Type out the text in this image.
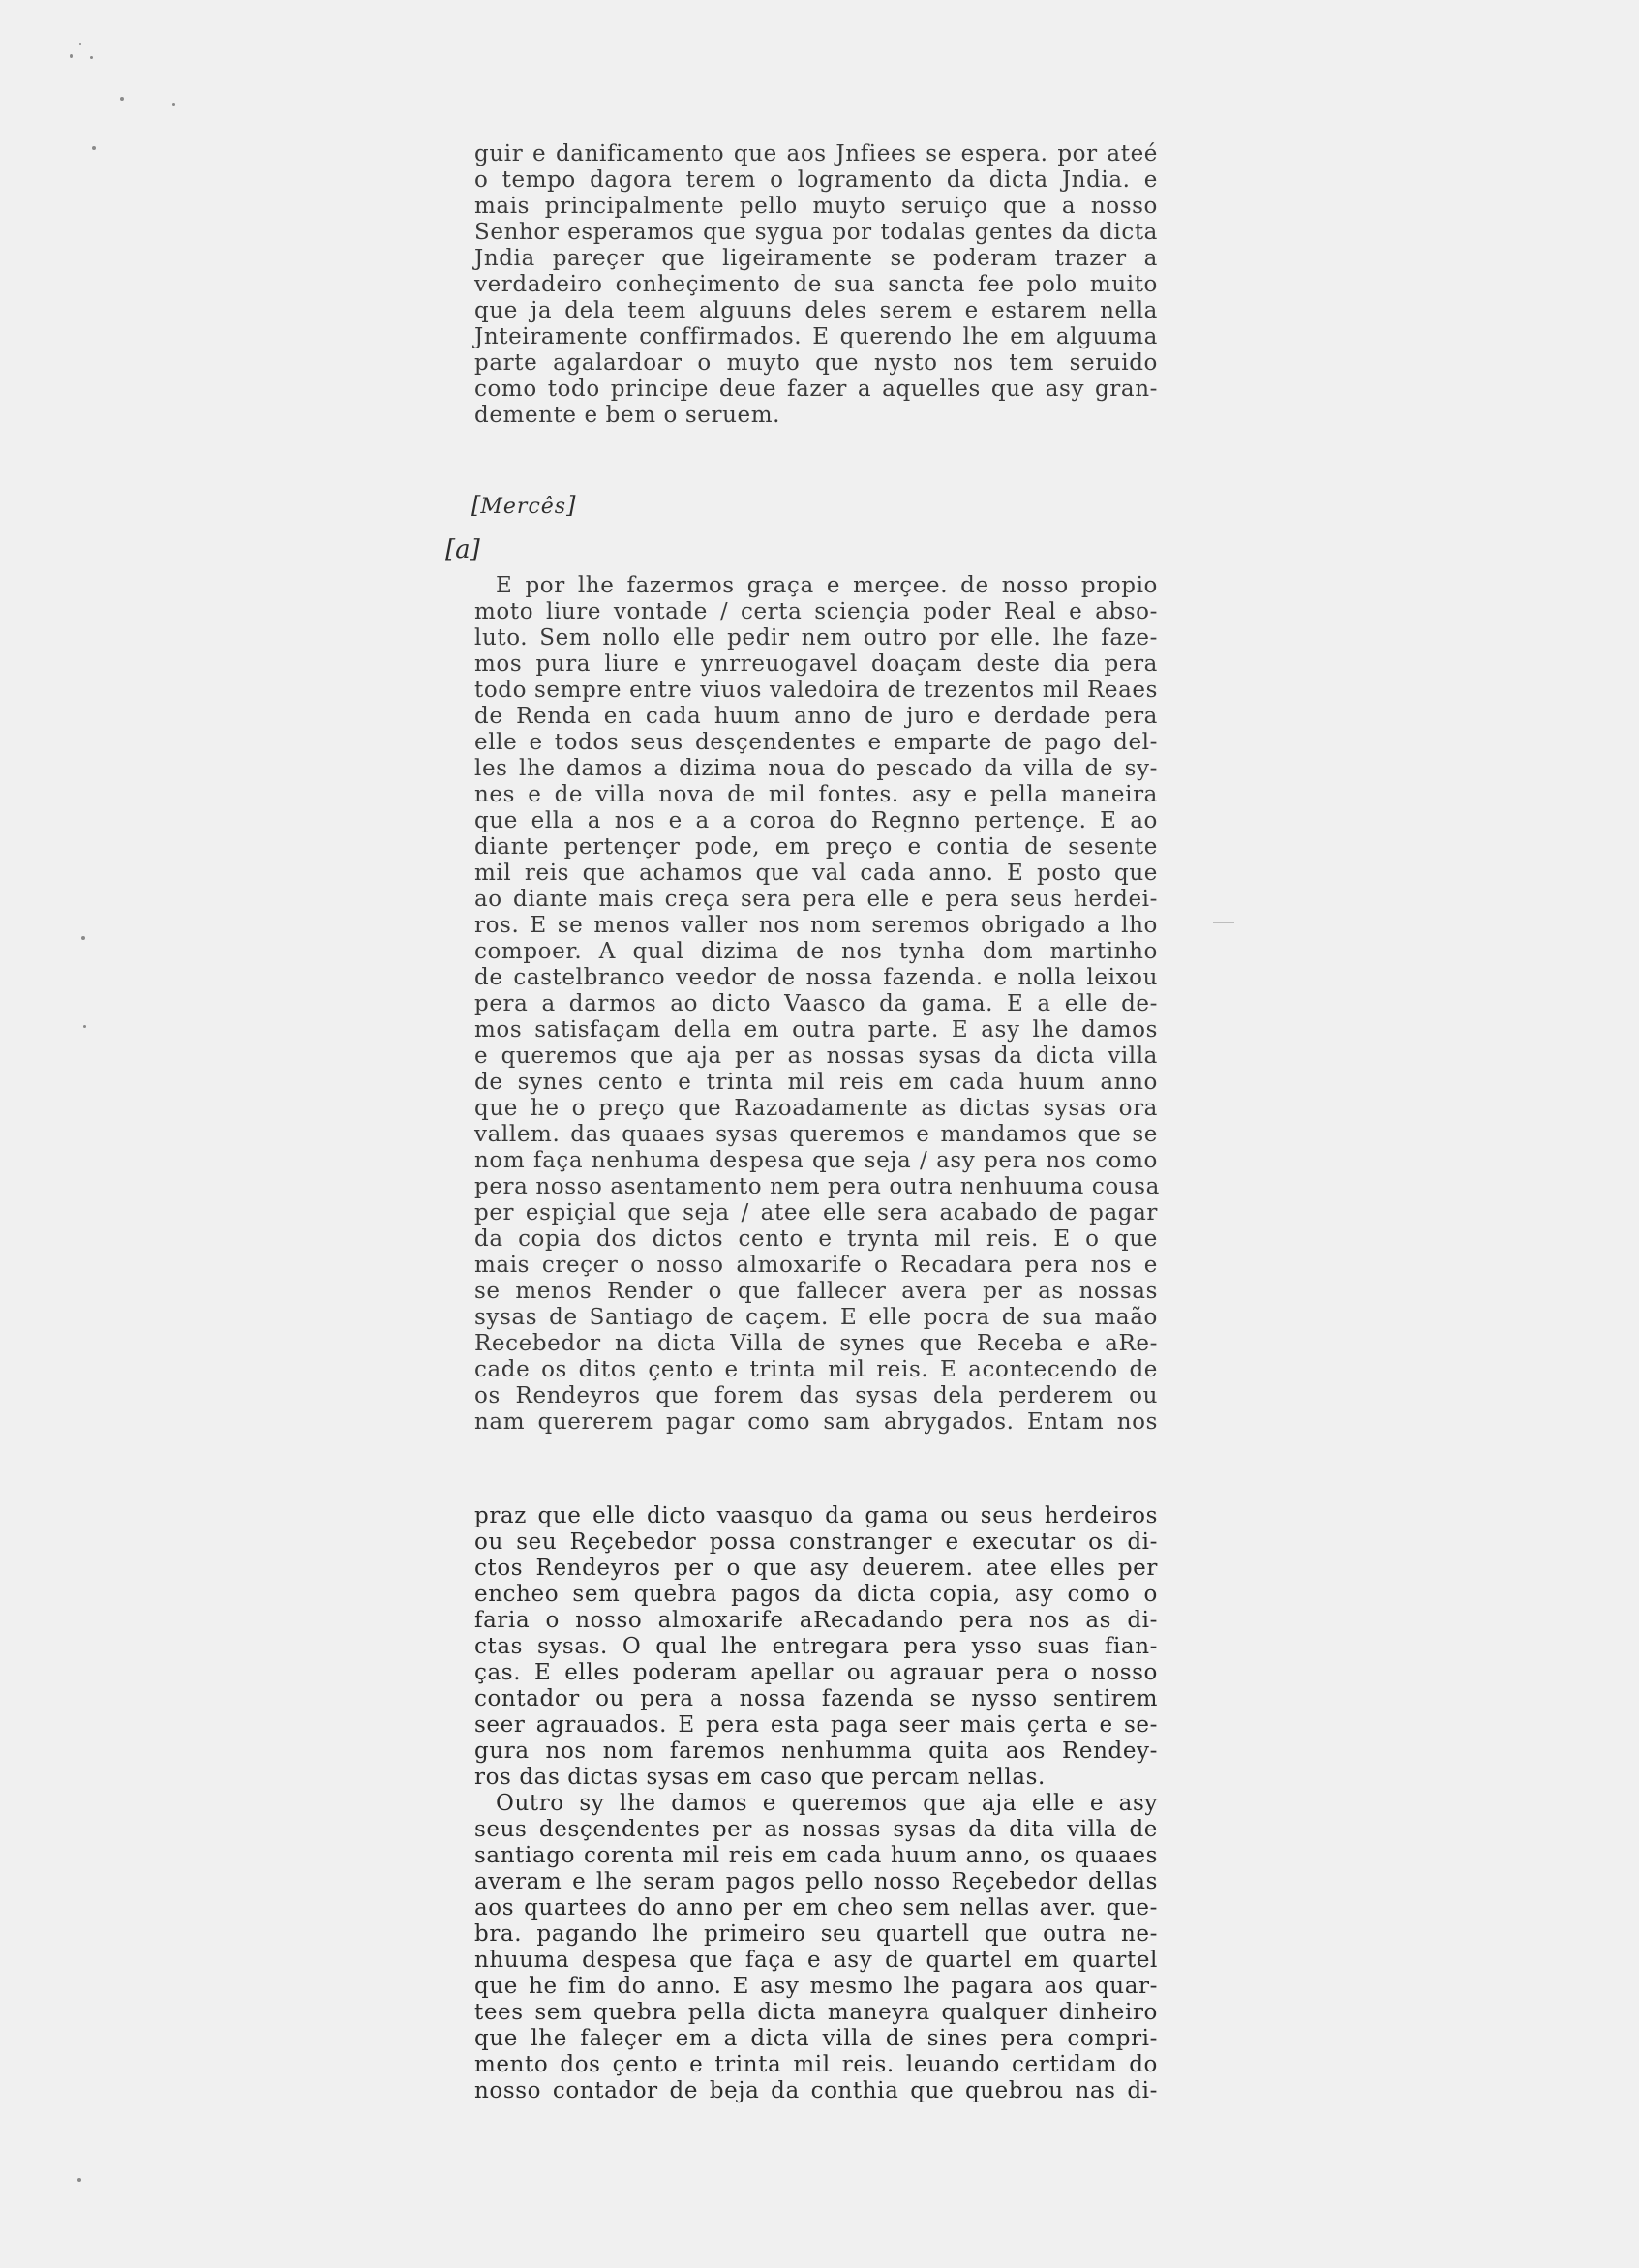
[Mercês]
[a]
guir e danificamento que aos Jnfiees se espera. por ateé
o tempo dagora terem o logramento da dicta Jndia. e
mais principalmente pello muyto seruiço que a nosso
Senhor esperamos que sygua por todalas gentes da dicta
Jndia pareçer que ligeiramente se poderam trazer a
verdadeiro conheçimento de sua sancta fee polo muito
que ja dela teem alguuns deles serem e estarem nella
Jnteiramente conffirmados. E querendo lhe em alguuma
parte agalardoar o muyto que nysto nos tem seruido
como todo principe deue fazer a aquelles que asy gran-
demente e bem o seruem.
E por lhe fazermos graça e merçee. de nosso propio
moto liure vontade / certa sciençia poder Real e abso-
luto. Sem nollo elle pedir nem outro por elle. lhe faze-
mos pura liure e ynrreuogavel doaçam deste dia pera
todo sempre entre viuos valedoira de trezentos mil Reaes
de Renda en cada huum anno de juro e derdade pera
elle e todos seus desçendentes e emparte de pago del-
les lhe damos a dizima noua do pescado da villa de sy-
nes e de villa nova de mil fontes. asy e pella maneira
que ella a nos e a a coroa do Regnno pertençe. E ao
diante pertençer pode, em preço e contia de sesente
mil reis que achamos que val cada anno. E posto que
ao diante mais creça sera pera elle e pera seus herdei-
ros. E se menos valler nos nom seremos obrigado a lho
compoer. A qual dizima de nos tynha dom martinho
de castelbranco veedor de nossa fazenda. e nolla leixou
pera a darmos ao dicto Vaasco da gama. E a elle de-
mos satisfaçam della em outra parte. E asy lhe damos
e queremos que aja per as nossas sysas da dicta villa
de synes cento e trinta mil reis em cada huum anno
que he o preço que Razoadamente as dictas sysas ora
vallem. das quaaes sysas queremos e mandamos que se
nom faça nenhuma despesa que seja / asy pera nos como
pera nosso asentamento nem pera outra nenhuuma cousa
per espiçial que seja / atee elle sera acabado de pagar
da copia dos dictos cento e trynta mil reis. E o que
mais creçer o nosso almoxarife o Recadara pera nos e
se menos Render o que fallecer avera per as nossas
sysas de Santiago de caçem. E elle pocra de sua maão
Recebedor na dicta Villa de synes que Receba e aRe-
cade os ditos çento e trinta mil reis. E acontecendo de
os Rendeyros que forem das sysas dela perderem ou
nam quererem pagar como sam abrygados. Entam nos
praz que elle dicto vaasquo da gama ou seus herdeiros
ou seu Reçebedor possa constranger e executar os di-
ctos Rendeyros per o que asy deuerem. atee elles per
encheo sem quebra pagos da dicta copia, asy como o
faria o nosso almoxarife aRecadando pera nos as di-
ctas sysas. O qual lhe entregara pera ysso suas fian-
ças. E elles poderam apellar ou agrauar pera o nosso
contador ou pera a nossa fazenda se nysso sentirem
seer agrauados. E pera esta paga seer mais çerta e se-
gura nos nom faremos nenhumma quita aos Rendey-
ros das dictas sysas em caso que percam nellas.
Outro sy lhe damos e queremos que aja elle e asy
seus desçendentes per as nossas sysas da dita villa de
santiago corenta mil reis em cada huum anno, os quaaes
averam e lhe seram pagos pello nosso Reçebedor dellas
aos quartees do anno per em cheo sem nellas aver. que-
bra. pagando lhe primeiro seu quartell que outra ne-
nhuuma despesa que faça e asy de quartel em quartel
que he fim do anno. E asy mesmo lhe pagara aos quar-
tees sem quebra pella dicta maneyra qualquer dinheiro
que lhe faleçer em a dicta villa de sines pera compri-
mento dos çento e trinta mil reis. leuando certidam do
nosso contador de beja da conthia que quebrou nas di-
